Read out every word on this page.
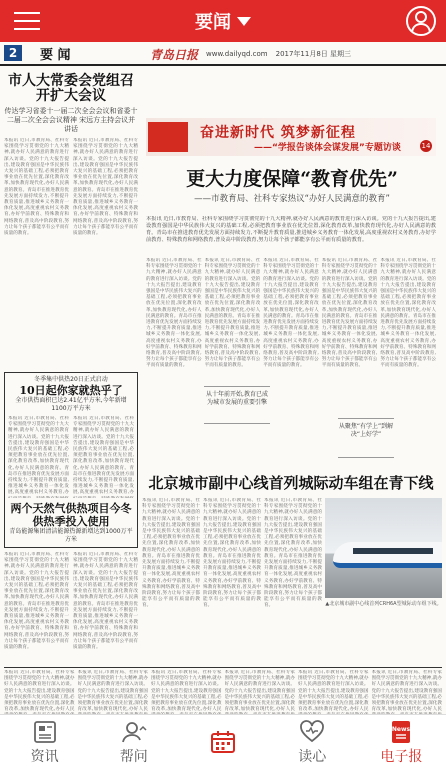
要闻
2	要 闻	青岛日报 www.dailyqd.com 2017年11月8日 星期三
市人大常委会党组召开扩大会议
传达学习省委十一届二次全会会议和省委十二届二次全会会议精神 宋远方主持会议并讲话
本报讯 近日,市教育局、社科专家围绕学习贯彻党的十九大精神,就办好人民满意的教育进行深入访谈。党的十九大报告提出,建设教育强国是中华民族伟大复兴的基础工程,必须把教育事业放在优先位置,深化教育改革,加快教育现代化,办好人民满意的教育。青岛市在推进教育优先发展方面持续发力,不断提升教育质量,推进城乡义务教育一体化发展,高度重视农村义务教育,办好学前教育、特殊教育和网络教育,普及高中阶段教育,努力让每个孩子都能享有公平而有质量的教育。
本报讯 近日,市教育局、社科专家围绕学习贯彻党的十九大精神,就办好人民满意的教育进行深入访谈。党的十九大报告提出,建设教育强国是中华民族伟大复兴的基础工程,必须把教育事业放在优先位置,深化教育改革,加快教育现代化,办好人民满意的教育。青岛市在推进教育优先发展方面持续发力,不断提升教育质量,推进城乡义务教育一体化发展,高度重视农村义务教育,办好学前教育、特殊教育和网络教育,普及高中阶段教育,努力让每个孩子都能享有公平而有质量的教育。
冬季集中供热20日正式启动
10日起你家就热乎了
全市供热面积已达2.41亿平方米,今年新增1100万平方米
本报讯 近日,市教育局、社科专家围绕学习贯彻党的十九大精神,就办好人民满意的教育进行深入访谈。党的十九大报告提出,建设教育强国是中华民族伟大复兴的基础工程,必须把教育事业放在优先位置,深化教育改革,加快教育现代化,办好人民满意的教育。青岛市在推进教育优先发展方面持续发力,不断提升教育质量,推进城乡义务教育一体化发展,高度重视农村义务教育,办
本报讯 近日,市教育局、社科专家围绕学习贯彻党的十九大精神,就办好人民满意的教育进行深入访谈。党的十九大报告提出,建设教育强国是中华民族伟大复兴的基础工程,必须把教育事业放在优先位置,深化教育改革,加快教育现代化,办好人民满意的教育。青岛市在推进教育优先发展方面持续发力,不断提升教育质量,推进城乡义务教育一体化发展,高度重视农村义务教育,办
两个天然气供热项目今冬供热季投入使用
青岛能源集团清洁能源热源新增达到1000万平方米
本报讯 近日,市教育局、社科专家围绕学习贯彻党的十九大精神,就办好人民满意的教育进行深入访谈。党的十九大报告提出,建设教育强国是中华民族伟大复兴的基础工程,必须把教育事业放在优先位置,深化教育改革,加快教育现代化,办好人民满意的教育。青岛市在推进教育优先发展方面持续发力,不断提升教育质量,推进城乡义务教育一体化发展,高度重视农村义务教育,办好学前教育、特殊教育和网络教育,普及高中阶段教育,努力让每个孩子都能享有公平而有质量的教育。
本报讯 近日,市教育局、社科专家围绕学习贯彻党的十九大精神,就办好人民满意的教育进行深入访谈。党的十九大报告提出,建设教育强国是中华民族伟大复兴的基础工程,必须把教育事业放在优先位置,深化教育改革,加快教育现代化,办好人民满意的教育。青岛市在推进教育优先发展方面持续发力,不断提升教育质量,推进城乡义务教育一体化发展,高度重视农村义务教育,办好学前教育、特殊教育和网络教育,普及高中阶段教育,努力让每个孩子都能享有公平而有质量的教育。
奋进新时代 筑梦新征程
——“学报告谈体会谋发展”专题访谈	14
更大力度保障“教育优先”
——市教育局、社科专家热议“办好人民满意的教育”
本报讯 近日,市教育局、社科专家围绕学习贯彻党的十九大精神,就办好人民满意的教育进行深入访谈。党的十九大报告提出,建设教育强国是中华民族伟大复兴的基础工程,必须把教育事业放在优先位置,深化教育改革,加快教育现代化,办好人民满意的教育。青岛市在推进教育优先发展方面持续发力,不断提升教育质量,推进城乡义务教育一体化发展,高度重视农村义务教育,办好学前教育、特殊教育和网络教育,普及高中阶段教育,努力让每个孩子都能享有公平而有质量的教育。
本报讯 近日,市教育局、社科专家围绕学习贯彻党的十九大精神,就办好人民满意的教育进行深入访谈。党的十九大报告提出,建设教育强国是中华民族伟大复兴的基础工程,必须把教育事业放在优先位置,深化教育改革,加快教育现代化,办好人民满意的教育。青岛市在推进教育优先发展方面持续发力,不断提升教育质量,推进城乡义务教育一体化发展,高度重视农村义务教育,办好学前教育、特殊教育和网络教育,普及高中阶段教育,努力让每个孩子都能享有公平而有质量的教育。
本报讯 近日,市教育局、社科专家围绕学习贯彻党的十九大精神,就办好人民满意的教育进行深入访谈。党的十九大报告提出,建设教育强国是中华民族伟大复兴的基础工程,必须把教育事业放在优先位置,深化教育改革,加快教育现代化,办好人民满意的教育。青岛市在推进教育优先发展方面持续发力,不断提升教育质量,推进城乡义务教育一体化发展,高度重视农村义务教育,办好学前教育、特殊教育和网络教育,普及高中阶段教育,努力让每个孩子都能享有公平而有质量的教育。
本报讯 近日,市教育局、社科专家围绕学习贯彻党的十九大精神,就办好人民满意的教育进行深入访谈。党的十九大报告提出,建设教育强国是中华民族伟大复兴的基础工程,必须把教育事业放在优先位置,深化教育改革,加快教育现代化,办好人民满意的教育。青岛市在推进教育优先发展方面持续发力,不断提升教育质量,推进城乡义务教育一体化发展,高度重视农村义务教育,办好学前教育、特殊教育和网络教育,普及高中阶段教育,努力让每个孩子都能享有公平而有质量的教育。
本报讯 近日,市教育局、社科专家围绕学习贯彻党的十九大精神,就办好人民满意的教育进行深入访谈。党的十九大报告提出,建设教育强国是中华民族伟大复兴的基础工程,必须把教育事业放在优先位置,深化教育改革,加快教育现代化,办好人民满意的教育。青岛市在推进教育优先发展方面持续发力,不断提升教育质量,推进城乡义务教育一体化发展,高度重视农村义务教育,办好学前教育、特殊教育和网络教育,普及高中阶段教育,努力让每个孩子都能享有公平而有质量的教育。
本报讯 近日,市教育局、社科专家围绕学习贯彻党的十九大精神,就办好人民满意的教育进行深入访谈。党的十九大报告提出,建设教育强国是中华民族伟大复兴的基础工程,必须把教育事业放在优先位置,深化教育改革,加快教育现代化,办好人民满意的教育。青岛市在推进教育优先发展方面持续发力,不断提升教育质量,推进城乡义务教育一体化发展,高度重视农村义务教育,办好学前教育、特殊教育和网络教育,普及高中阶段教育,努力让每个孩子都能享有公平而有质量的教育。
从十年前开始,教育已成为城市发展的重要引擎
从聚焦“有学上”到解决“上好学”
北京城市副中心线首列城际动车组在青下线
本报讯 近日,市教育局、社科专家围绕学习贯彻党的十九大精神,就办好人民满意的教育进行深入访谈。党的十九大报告提出,建设教育强国是中华民族伟大复兴的基础工程,必须把教育事业放在优先位置,深化教育改革,加快教育现代化,办好人民满意的教育。青岛市在推进教育优先发展方面持续发力,不断提升教育质量,推进城乡义务教育一体化发展,高度重视农村义务教育,办好学前教育、特殊教育和网络教育,普及高中阶段教育,努力让每个孩子都能享有公平而有质量的教育。
本报讯 近日,市教育局、社科专家围绕学习贯彻党的十九大精神,就办好人民满意的教育进行深入访谈。党的十九大报告提出,建设教育强国是中华民族伟大复兴的基础工程,必须把教育事业放在优先位置,深化教育改革,加快教育现代化,办好人民满意的教育。青岛市在推进教育优先发展方面持续发力,不断提升教育质量,推进城乡义务教育一体化发展,高度重视农村义务教育,办好学前教育、特殊教育和网络教育,普及高中阶段教育,努力让每个孩子都能享有公平而有质量的教育。
本报讯 近日,市教育局、社科专家围绕学习贯彻党的十九大精神,就办好人民满意的教育进行深入访谈。党的十九大报告提出,建设教育强国是中华民族伟大复兴的基础工程,必须把教育事业放在优先位置,深化教育改革,加快教育现代化,办好人民满意的教育。青岛市在推进教育优先发展方面持续发力,不断提升教育质量,推进城乡义务教育一体化发展,高度重视农村义务教育,办好学前教育、特殊教育和网络教育,普及高中阶段教育,努力让每个孩子都能享有公平而有质量的教育。	▲北京城市副中心线首列CRH6A型城际动车组下线。
本报讯 近日,市教育局、社科专家围绕学习贯彻党的十九大精神,就办好人民满意的教育进行深入访谈。党的十九大报告提出,建设教育强国是中华民族伟大复兴的基础工程,必须把教育事业放在优先位置,深化教育改革,加快教育现代化,办好人民
本报讯 近日,市教育局、社科专家围绕学习贯彻党的十九大精神,就办好人民满意的教育进行深入访谈。党的十九大报告提出,建设教育强国是中华民族伟大复兴的基础工程,必须把教育事业放在优先位置,深化教育改革,加快教育现代化,办好人民
本报讯 近日,市教育局、社科专家围绕学习贯彻党的十九大精神,就办好人民满意的教育进行深入访谈。党的十九大报告提出,建设教育强国是中华民族伟大复兴的基础工程,必须把教育事业放在优先位置,深化教育改革,加快教育现代化,办好人民
本报讯 近日,市教育局、社科专家围绕学习贯彻党的十九大精神,就办好人民满意的教育进行深入访谈。党的十九大报告提出,建设教育强国是中华民族伟大复兴的基础工程,必须把教育事业放在优先位置,深化教育改革,加快教育现代化,办好人民
本报讯 近日,市教育局、社科专家围绕学习贯彻党的十九大精神,就办好人民满意的教育进行深入访谈。党的十九大报告提出,建设教育强国是中华民族伟大复兴的基础工程,必须把教育事业放在优先位置,深化教育改革,加快教育现代化,办好人民
本报讯 近日,市教育局、社科专家围绕学习贯彻党的十九大精神,就办好人民满意的教育进行深入访谈。党的十九大报告提出,建设教育强国是中华民族伟大复兴的基础工程,必须把教育事业放在优先位置,深化教育改革,加快教育现代化,办好人民
资讯	帮问	读心
News
电子报
